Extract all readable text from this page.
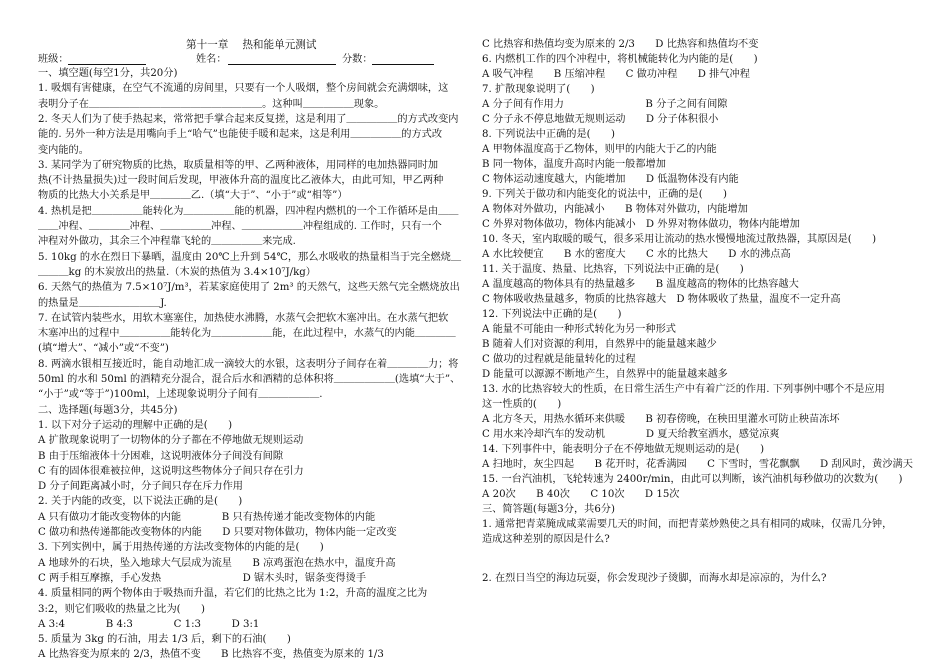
第十一章　 热和能单元测试
班级：	姓名：
一、填空题(每空1分，共20分)
1. 吸烟有害健康，在空气不流通的房间里，只要有一个人吸烟，整个房间就会充满烟味，这
表明分子在＿＿＿＿＿＿＿＿＿＿＿＿＿＿＿＿＿。这种叫＿＿＿＿＿现象。
2. 冬天人们为了使手热起来，常常把手掌合起来反复搓，这是利用了＿＿＿＿＿的方式改变内
能的. 另外一种方法是用嘴向手上“哈气”也能使手暖和起来，这是利用＿＿＿＿＿的方式改
变内能的。
3. 某同学为了研究物质的比热，取质量相等的甲、乙两种液体，用同样的电加热器同时加
热(不计热量损失)过一段时间后发现，甲液体升高的温度比乙液体大，由此可知，甲乙两种
物质的比热大小关系是甲＿＿＿＿乙.（填“大于”、“小于”或“相等”）
4. 热机是把＿＿＿＿＿能转化为＿＿＿＿＿能的机器，四冲程内燃机的一个工作循环是由＿＿
＿＿冲程、＿＿＿＿冲程、＿＿＿＿＿冲程、＿＿＿＿＿＿冲程组成的. 工作时，只有一个
冲程对外做功，其余三个冲程靠飞轮的＿＿＿＿＿来完成.
5. 10kg 的水在烈日下暴晒，温度由 20℃上升到 54℃，那么水吸收的热量相当于完全燃烧＿
＿＿＿kg 的木炭放出的热量.（木炭的热值为 3.4×10⁷J/kg）
6. 天然气的热值为 7.5×10⁷J/m³，若某家庭使用了 2m³ 的天然气，这些天然气完全燃烧放出
的热量是＿＿＿＿＿＿＿＿J.
7. 在试管内装些水，用软木塞塞住，加热使水沸腾，水蒸气会把软木塞冲出。在水蒸气把软
木塞冲出的过程中＿＿＿＿＿能转化为＿＿＿＿＿＿能，在此过程中，水蒸气的内能＿＿＿＿
(填“增大”、“减小”或“不变”)
8. 两滴水银相互接近时，能自动地汇成一滴较大的水银，这表明分子间存在着＿＿＿＿力；将
50ml 的水和 50ml 的酒精充分混合，混合后水和酒精的总体积将＿＿＿＿＿＿(选填“大于”、
“小于”或“等于”)100ml，上述现象说明分子间有＿＿＿＿＿＿.
二、选择题(每题3分，共45分)
1. 以下对分子运动的理解中正确的是(　　)
A 扩散现象说明了一切物体的分子都在不停地做无规则运动
B 由于压缩液体十分困难，这说明液体分子间没有间隙
C 有的固体很难被拉伸，这说明这些物体分子间只存在引力
D 分子间距离减小时，分子间只存在斥力作用
2. 关于内能的改变，以下说法正确的是(　　)
A 只有做功才能改变物体的内能　　　　B 只有热传递才能改变物体的内能
C 做功和热传递都能改变物体的内能　　D 只要对物体做功，物体内能一定改变
3. 下列实例中，属于用热传递的方法改变物体的内能的是(　　)
A 地球外的石块，坠入地球大气层成为流星　　B 凉鸡蛋泡在热水中，温度升高
C 两手相互摩擦，手心发热　　　　　　　　D 锯木头时，锯条变得烫手
4. 质量相同的两个物体由于吸热而升温，若它们的比热之比为 1:2，升高的温度之比为
3:2，则它们吸收的热量之比为(　　)
A 3:4　　　　B 4:3　　　　C 1:3　　　D 3:1
5. 质量为 3kg 的石油，用去 1/3 后，剩下的石油(　　)
A 比热容变为原来的 2/3，热值不变　　B 比热容不变，热值变为原来的 1/3
分数：
C 比热容和热值均变为原来的 2/3　　D 比热容和热值均不变
6. 内燃机工作的四个冲程中，将机械能转化为内能的是(　　)
A 吸气冲程　　B 压缩冲程　　C 做功冲程　　D 排气冲程
7. 扩散现象说明了(　　)
A 分子间有作用力　　　　　　　　B 分子之间有间隙
C 分子永不停息地做无规则运动　　D 分子体积很小
8. 下列说法中正确的是(　　)
A 甲物体温度高于乙物体，则甲的内能大于乙的内能
B 同一物体，温度升高时内能一般都增加
C 物体运动速度越大，内能增加　　D 低温物体没有内能
9. 下列关于做功和内能变化的说法中，正确的是(　　)
A 物体对外做功，内能减小　　B 物体对外做功，内能增加
C 外界对物体做功，物体内能减小　D 外界对物体做功，物体内能增加
10. 冬天，室内取暖的暖气，很多采用让流动的热水慢慢地流过散热器，其原因是(　　)
A 水比较便宜　　B 水的密度大　　C 水的比热大　　D 水的沸点高
11. 关于温度、热量、比热容，下列说法中正确的是(　　)
A 温度越高的物体具有的热量越多　　B 温度越高的物体的比热容越大
C 物体吸收热量越多，物质的比热容越大　D 物体吸收了热量，温度不一定升高
12. 下列说法中正确的是(　　)
A 能量不可能由一种形式转化为另一种形式
B 随着人们对资源的利用，自然界中的能量越来越少
C 做功的过程就是能量转化的过程
D 能量可以源源不断地产生，自然界中的能量越来越多
13. 水的比热容较大的性质，在日常生活生产中有着广泛的作用. 下列事例中哪个不是应用
这一性质的(　　)
A 北方冬天，用热水循环来供暖　　B 初春傍晚，在秧田里灌水可防止秧苗冻坏
C 用水来冷却汽车的发动机　　　　D 夏天给教室洒水，感觉凉爽
14. 下列事件中，能表明分子在不停地做无规则运动的是(　　)
A 扫地时，灰尘四起　　B 花开时，花香满园　　C 下雪时，雪花飘飘　　D 刮风时，黄沙满天
15. 一台汽油机，飞轮转速为 2400r/min，由此可以判断，该汽油机每秒做功的次数为(　　)
A 20次　　B 40次　　C 10次　　D 15次
三、简答题(每题3分，共6分)
1. 通常把青菜腌成咸菜需要几天的时间，而把青菜炒熟使之具有相同的咸味，仅需几分钟，
造成这种差别的原因是什么?
2. 在烈日当空的海边玩耍，你会发现沙子烫脚，而海水却是凉凉的，为什么?
